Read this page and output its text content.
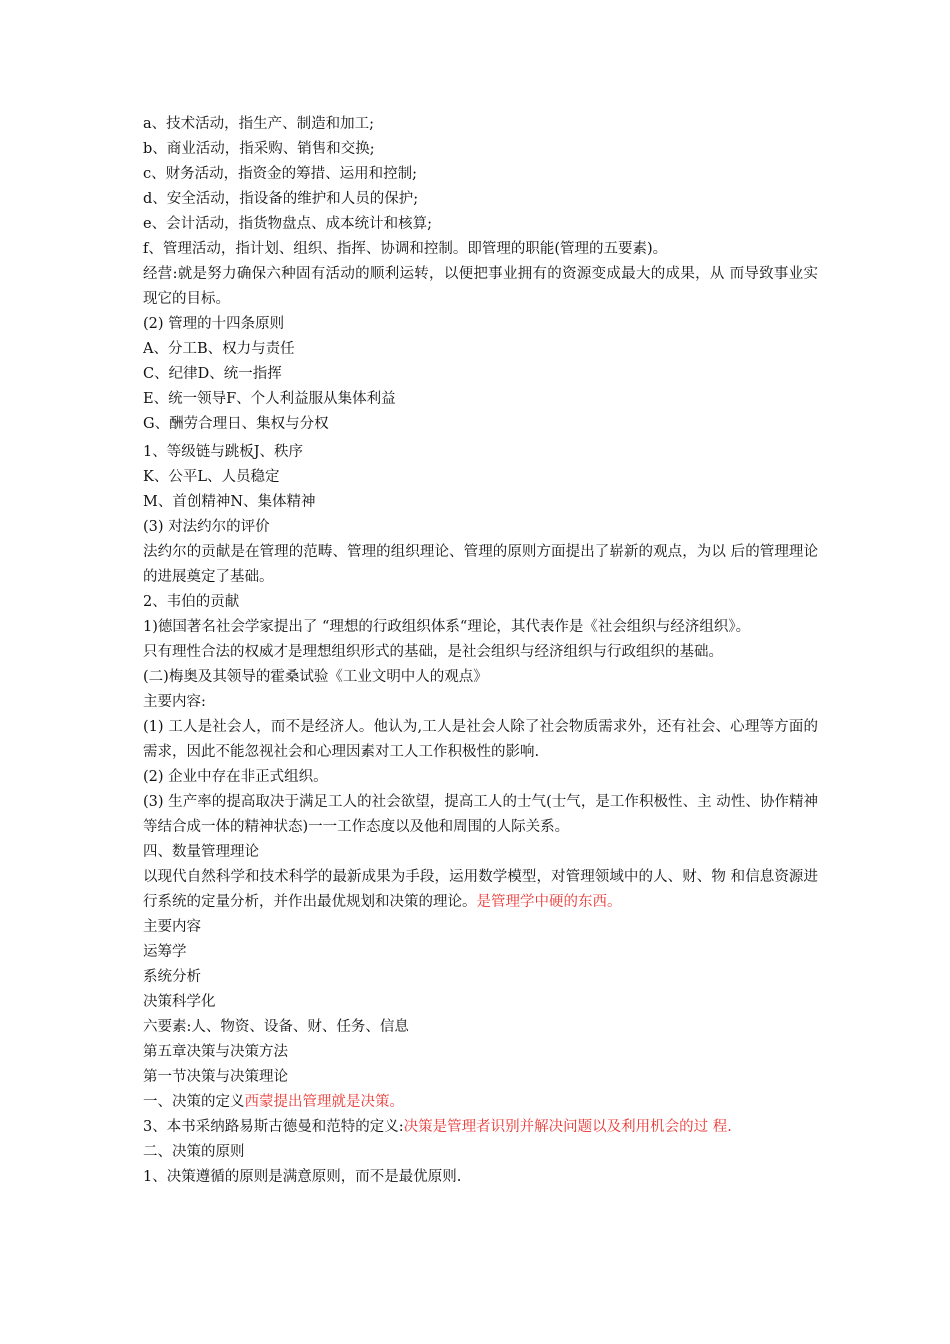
a、技术活动，指生产、制造和加工;
b、商业活动，指采购、销售和交换;
c、财务活动，指资金的筹措、运用和控制;
d、安全活动，指设备的维护和人员的保护;
e、会计活动，指货物盘点、成本统计和核算;
f、管理活动，指计划、组织、指挥、协调和控制。即管理的职能(管理的五要素)。
经营:就是努力确保六种固有活动的顺利运转，以便把事业拥有的资源变成最大的成果，从 而导致事业实现它的目标。
(2) 管理的十四条原则
A、分工B、权力与责任
C、纪律D、统一指挥
E、统一领导F、个人利益服从集体利益
G、酬劳合理日、集权与分权
1、等级链与跳板J、秩序
K、公平L、人员稳定
M、首创精神N、集体精神
(3) 对法约尔的评价
法约尔的贡献是在管理的范畴、管理的组织理论、管理的原则方面提出了崭新的观点，为以 后的管理理论的进展奠定了基础。
2、韦伯的贡献
1)德国著名社会学家提出了 “理想的行政组织体系“理论，其代表作是《社会组织与经济组织》。
只有理性合法的权威才是理想组织形式的基础，是社会组织与经济组织与行政组织的基础。
(二)梅奥及其领导的霍桑试验《工业文明中人的观点》
主要内容:
(1) 工人是社会人，而不是经济人。他认为,工人是社会人除了社会物质需求外，还有社会、心理等方面的需求，因此不能忽视社会和心理因素对工人工作积极性的影响.
(2) 企业中存在非正式组织。
(3) 生产率的提高取决于满足工人的社会欲望，提高工人的士气(士气，是工作积极性、主 动性、协作精神等结合成一体的精神状态)一一工作态度以及他和周围的人际关系。
四、数量管理理论
以现代自然科学和技术科学的最新成果为手段，运用数学模型，对管理领域中的人、财、物 和信息资源进行系统的定量分析，并作出最优规划和决策的理论。是管理学中硬的东西。
主要内容
运筹学
系统分析
决策科学化
六要素:人、物资、设备、财、任务、信息
第五章决策与决策方法
第一节决策与决策理论
一、决策的定义西蒙提出管理就是决策。
3、本书采纳路易斯古德曼和范特的定义:决策是管理者识别并解决问题以及利用机会的过 程.
二、决策的原则
1、决策遵循的原则是满意原则，而不是最优原则.
